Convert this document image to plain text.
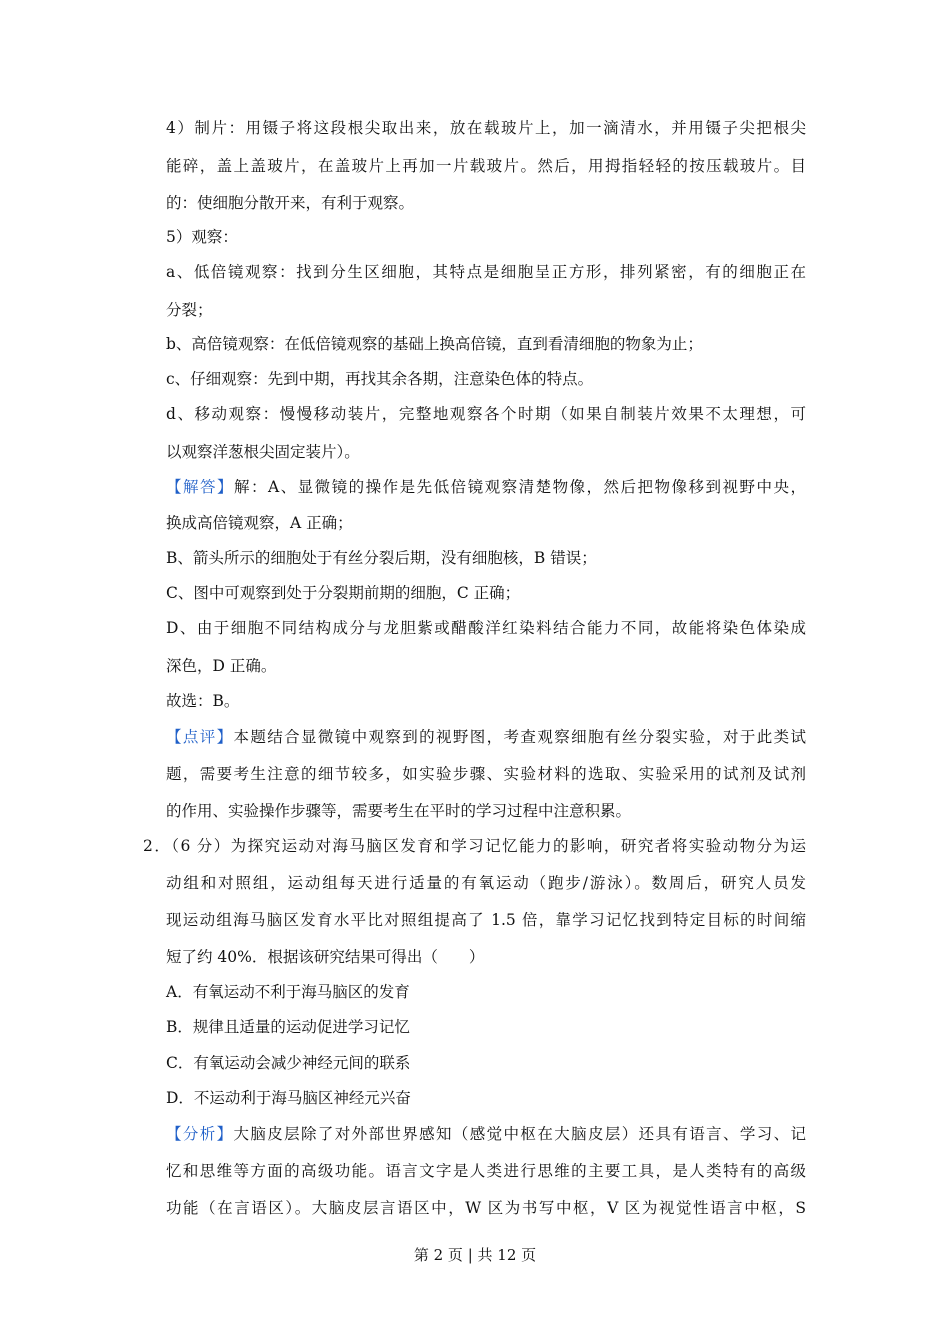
4）制片：用镊子将这段根尖取出来，放在载玻片上，加一滴清水，并用镊子尖把根尖
能碎，盖上盖玻片，在盖玻片上再加一片载玻片。然后，用拇指轻轻的按压载玻片。目
的：使细胞分散开来，有利于观察。
5）观察：
a、低倍镜观察：找到分生区细胞，其特点是细胞呈正方形，排列紧密，有的细胞正在
分裂；
b、高倍镜观察：在低倍镜观察的基础上换高倍镜，直到看清细胞的物象为止；
c、仔细观察：先到中期，再找其余各期，注意染色体的特点。
d、移动观察：慢慢移动装片，完整地观察各个时期（如果自制装片效果不太理想，可
以观察洋葱根尖固定装片）。
【解答】解：A、显微镜的操作是先低倍镜观察清楚物像，然后把物像移到视野中央，
换成高倍镜观察，A 正确；
B、箭头所示的细胞处于有丝分裂后期，没有细胞核，B 错误；
C、图中可观察到处于分裂期前期的细胞，C 正确；
D、由于细胞不同结构成分与龙胆紫或醋酸洋红染料结合能力不同，故能将染色体染成
深色，D 正确。
故选：B。
【点评】本题结合显微镜中观察到的视野图，考查观察细胞有丝分裂实验，对于此类试
题，需要考生注意的细节较多，如实验步骤、实验材料的选取、实验采用的试剂及试剂
的作用、实验操作步骤等，需要考生在平时的学习过程中注意积累。
2．（6 分）为探究运动对海马脑区发育和学习记忆能力的影响，研究者将实验动物分为运
动组和对照组，运动组每天进行适量的有氧运动（跑步/游泳）。数周后，研究人员发
现运动组海马脑区发育水平比对照组提高了 1.5 倍，靠学习记忆找到特定目标的时间缩
短了约 40%．根据该研究结果可得出（　　）
A．有氧运动不利于海马脑区的发育
B．规律且适量的运动促进学习记忆
C．有氧运动会减少神经元间的联系
D．不运动利于海马脑区神经元兴奋
【分析】大脑皮层除了对外部世界感知（感觉中枢在大脑皮层）还具有语言、学习、记
忆和思维等方面的高级功能。语言文字是人类进行思维的主要工具，是人类特有的高级
功能（在言语区）。大脑皮层言语区中，W 区为书写中枢，V 区为视觉性语言中枢，S
第 2 页 | 共 12 页
